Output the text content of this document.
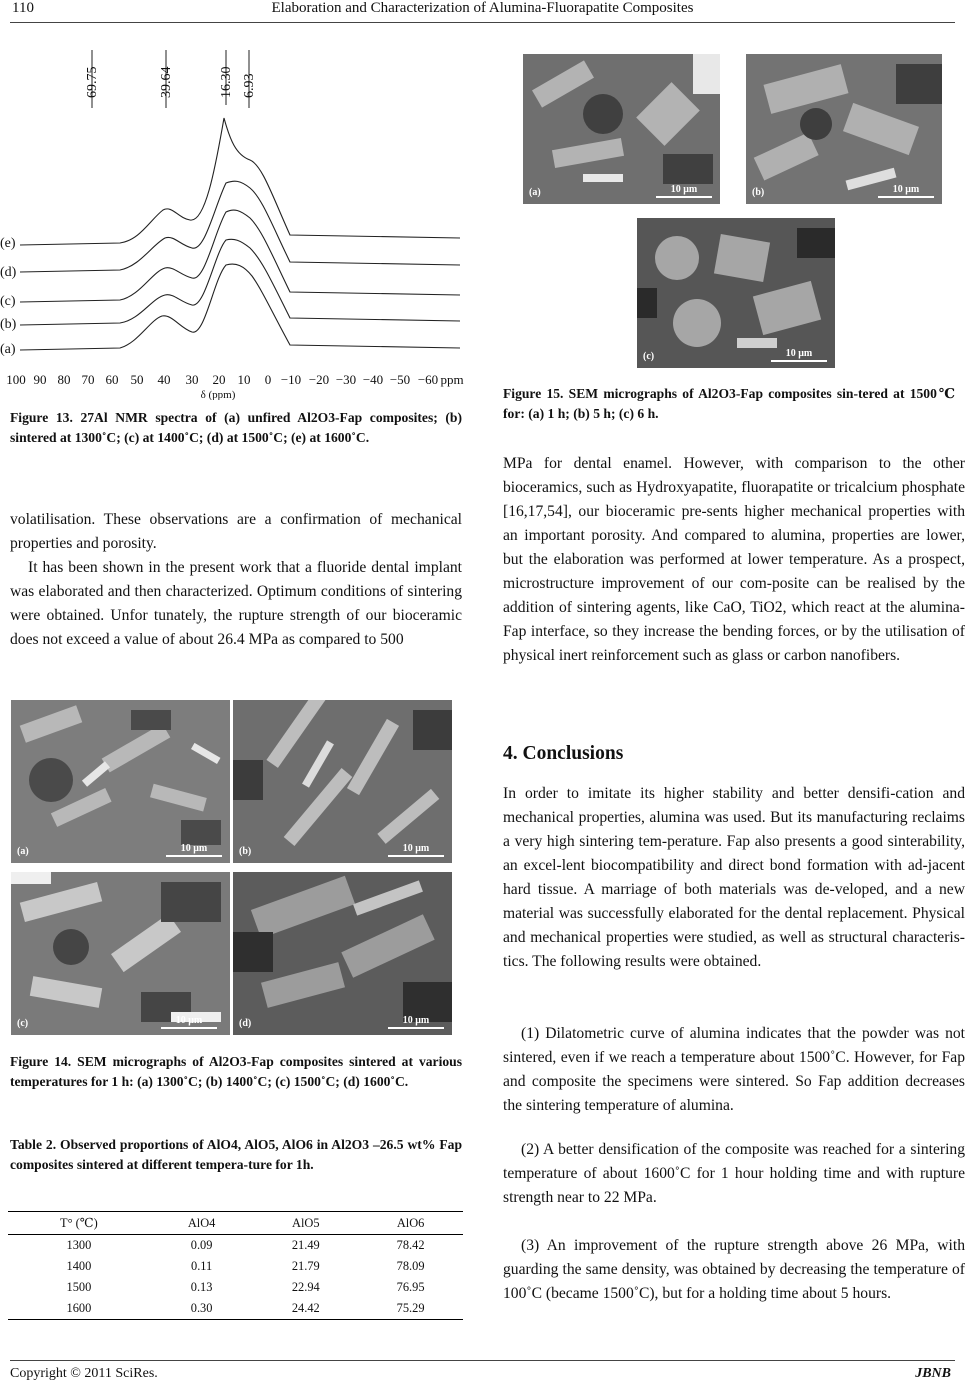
110	Elaboration and Characterization of Alumina-Fluorapatite Composites
69.75	39.64	16.30 6.93
(e)
(d)
(c)
(b)
(a)
100 90 80 70 60 50 40 30 20 10 0 −10 −20 −30 −40 −50 −60 ppm
δ (ppm)

Figure 13. 27Al NMR spectra of (a) unfired Al2O3-Fap composites; (b) sintered at 1300˚C; (c) at 1400˚C; (d) at 1500˚C; (e) at 1600˚C.

volatilisation. These observations are a confirmation of mechanical properties and porosity.

It has been shown in the present work that a fluoride dental implant was elaborated and then characterized. Optimum conditions of sintering were obtained. Unfor tunately, the rupture strength of our bioceramic does not exceed a value of about 26.4 MPa as compared to 500

(a)	10 μm	(b)	10 μm
(c)	10 μm	(d)	10 μm

Figure 14. SEM micrographs of Al2O3-Fap composites sintered at various temperatures for 1 h: (a) 1300˚C; (b) 1400˚C; (c) 1500˚C; (d) 1600˚C.

Table 2. Observed proportions of AlO4, AlO5, AlO6 in Al2O3 –26.5 wt% Fap composites sintered at different tempera-ture for 1h.

T° (℃)	AlO4	AlO5	AlO6
1300	0.09	21.49	78.42
1400	0.11	21.79	78.09
1500	0.13	22.94	76.95
1600	0.30	24.42	75.29
(a)	10 μm	(b)	10 μm
(c)	10 μm

Figure 15. SEM micrographs of Al2O3-Fap composites sin-tered at 1500℃ for: (a) 1 h; (b) 5 h; (c) 6 h.

MPa for dental enamel. However, with comparison to the other bioceramics, such as Hydroxyapatite, fluorapatite or tricalcium phosphate [16,17,54], our bioceramic pre-sents higher mechanical properties with an important porosity. And compared to alumina, properties are lower, but the elaboration was performed at lower temperature. As a prospect, microstructure improvement of our com-posite can be realised by the addition of sintering agents, like CaO, TiO2, which react at the alumina-Fap interface, so they increase the bending forces, or by the utilisation of physical inert reinforcement such as glass or carbon nanofibers.

4. Conclusions

In order to imitate its higher stability and better densifi-cation and mechanical properties, alumina was used. But its manufacturing reclaims a very high sintering tem-perature. Fap also presents a good sinterability, an excel-lent biocompatibility and direct bond formation with ad-jacent hard tissue. A marriage of both materials was de-veloped, and a new material was successfully elaborated for the dental replacement. Physical and mechanical properties were studied, as well as structural characteris-tics. The following results were obtained.

(1) Dilatometric curve of alumina indicates that the powder was not sintered, even if we reach a temperature about 1500˚C. However, for Fap and composite the specimens were sintered. So Fap addition decreases the sintering temperature of alumina.

(2) A better densification of the composite was reached for a sintering temperature of about 1600˚C for 1 hour holding time and with rupture strength near to 22 MPa.

(3) An improvement of the rupture strength above 26 MPa, with guarding the same density, was obtained by decreasing the temperature of 100˚C (became 1500˚C), but for a holding time about 5 hours.

Copyright © 2011 SciRes.	JBNB
